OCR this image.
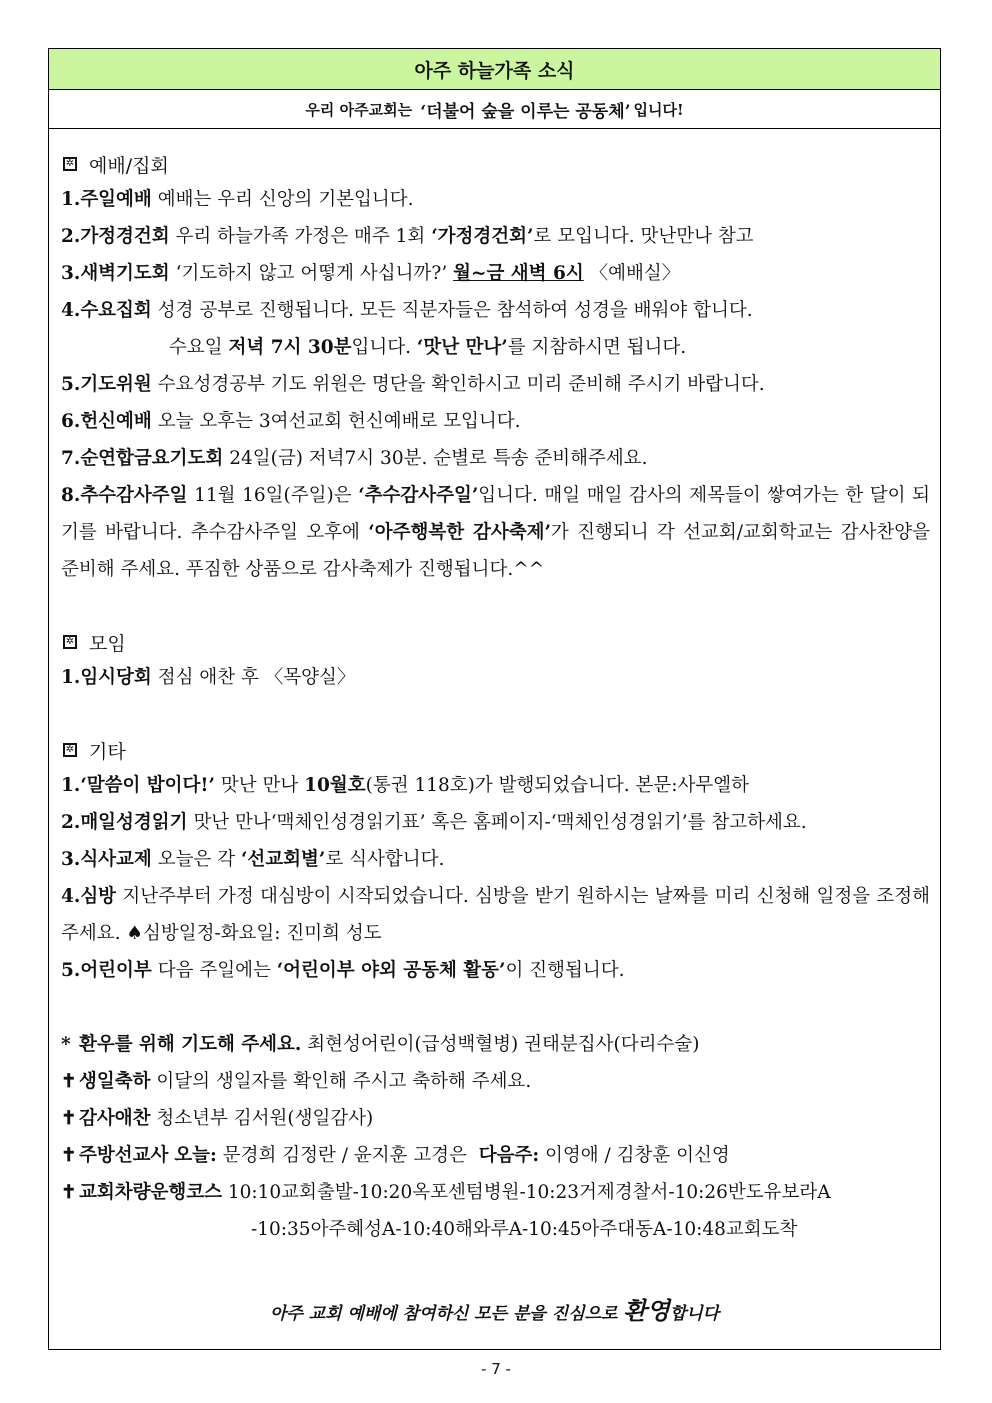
아주 하늘가족 소식
우리 아주교회는
‘더불어 숲을 이루는 공동체’ 입니다!
✲ 예배/집회
1.주일예배 예배는 우리 신앙의 기본입니다.
2.가정경건회 우리 하늘가족 가정은 매주 1회 ‘가정경건회’로 모입니다. 맛난만나 참고
3.새벽기도회 ‘기도하지 않고 어떻게 사십니까?’ 월~금 새벽 6시 〈예배실〉
4.수요집회 성경 공부로 진행됩니다. 모든 직분자들은 참석하여 성경을 배워야 합니다.
수요일 저녁 7시 30분입니다. ‘맛난 만나’를 지참하시면 됩니다.
5.기도위원 수요성경공부 기도 위원은 명단을 확인하시고 미리 준비해 주시기 바랍니다.
6.헌신예배 오늘 오후는 3여선교회 헌신예배로 모입니다.
7.순연합금요기도회 24일(금) 저녁7시 30분. 순별로 특송 준비해주세요.
8.추수감사주일 11월 16일(주일)은 ‘추수감사주일’입니다. 매일 매일 감사의 제목들이 쌓여가는 한 달이 되기를 바랍니다. 추수감사주일 오후에 ‘아주행복한 감사축제’가 진행되니 각 선교회/교회학교는 감사찬양을 준비해 주세요. 푸짐한 상품으로 감사축제가 진행됩니다.^^
✲ 모임
1.임시당회 점심 애찬 후 〈목양실〉
✲ 기타
1.‘말씀이 밥이다!’ 맛난 만나 10월호(통권 118호)가 발행되었습니다. 본문:사무엘하
2.매일성경읽기 맛난 만나‘맥체인성경읽기표’ 혹은 홈페이지-‘맥체인성경읽기’를 참고하세요.
3.식사교제 오늘은 각 ‘선교회별’로 식사합니다.
4.심방 지난주부터 가정 대심방이 시작되었습니다. 심방을 받기 원하시는 날짜를 미리 신청해 일정을 조정해 주세요. ♠심방일정-화요일: 진미희 성도
5.어린이부 다음 주일에는 ‘어린이부 야외 공동체 활동’이 진행됩니다.
* 환우를 위해 기도해 주세요. 최현성어린이(급성백혈병) 권태분집사(다리수술)
✝ 생일축하 이달의 생일자를 확인해 주시고 축하해 주세요.
✝ 감사애찬 청소년부 김서원(생일감사)
✝ 주방선교사 오늘: 문경희 김정란 / 윤지훈 고경은 다음주: 이영애 / 김창훈 이신영
✝ 교회차량운행코스 10:10교회출발-10:20옥포센텀병원-10:23거제경찰서-10:26반도유보라A
-10:35아주혜성A-10:40해와루A-10:45아주대동A-10:48교회도착
아주 교회 예배에 참여하신 모든 분을 진심으로 환영합니다
- 7 -
